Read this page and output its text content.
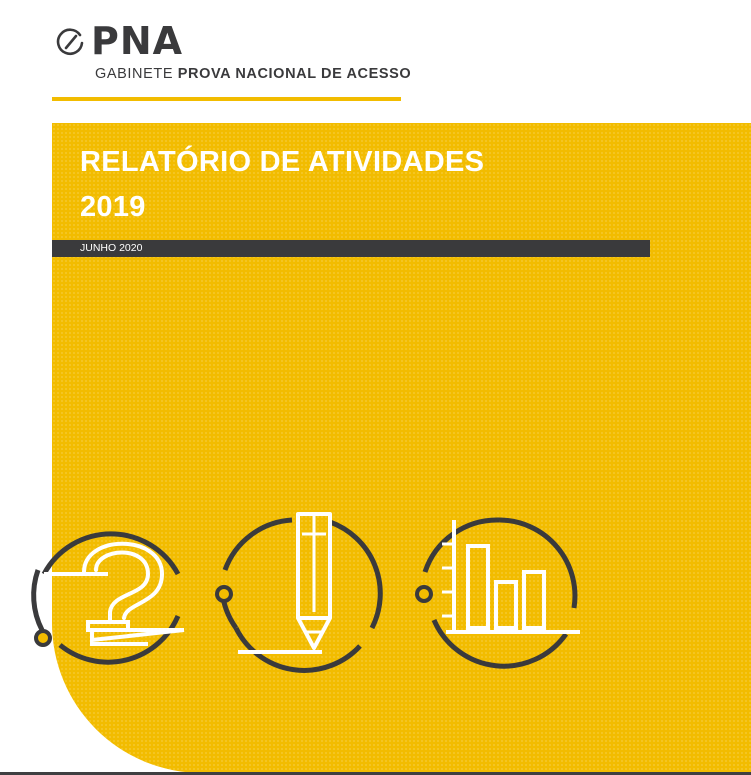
PNA
GABINETE PROVA NACIONAL DE ACESSO
RELATÓRIO DE ATIVIDADES
2019
JUNHO 2020
